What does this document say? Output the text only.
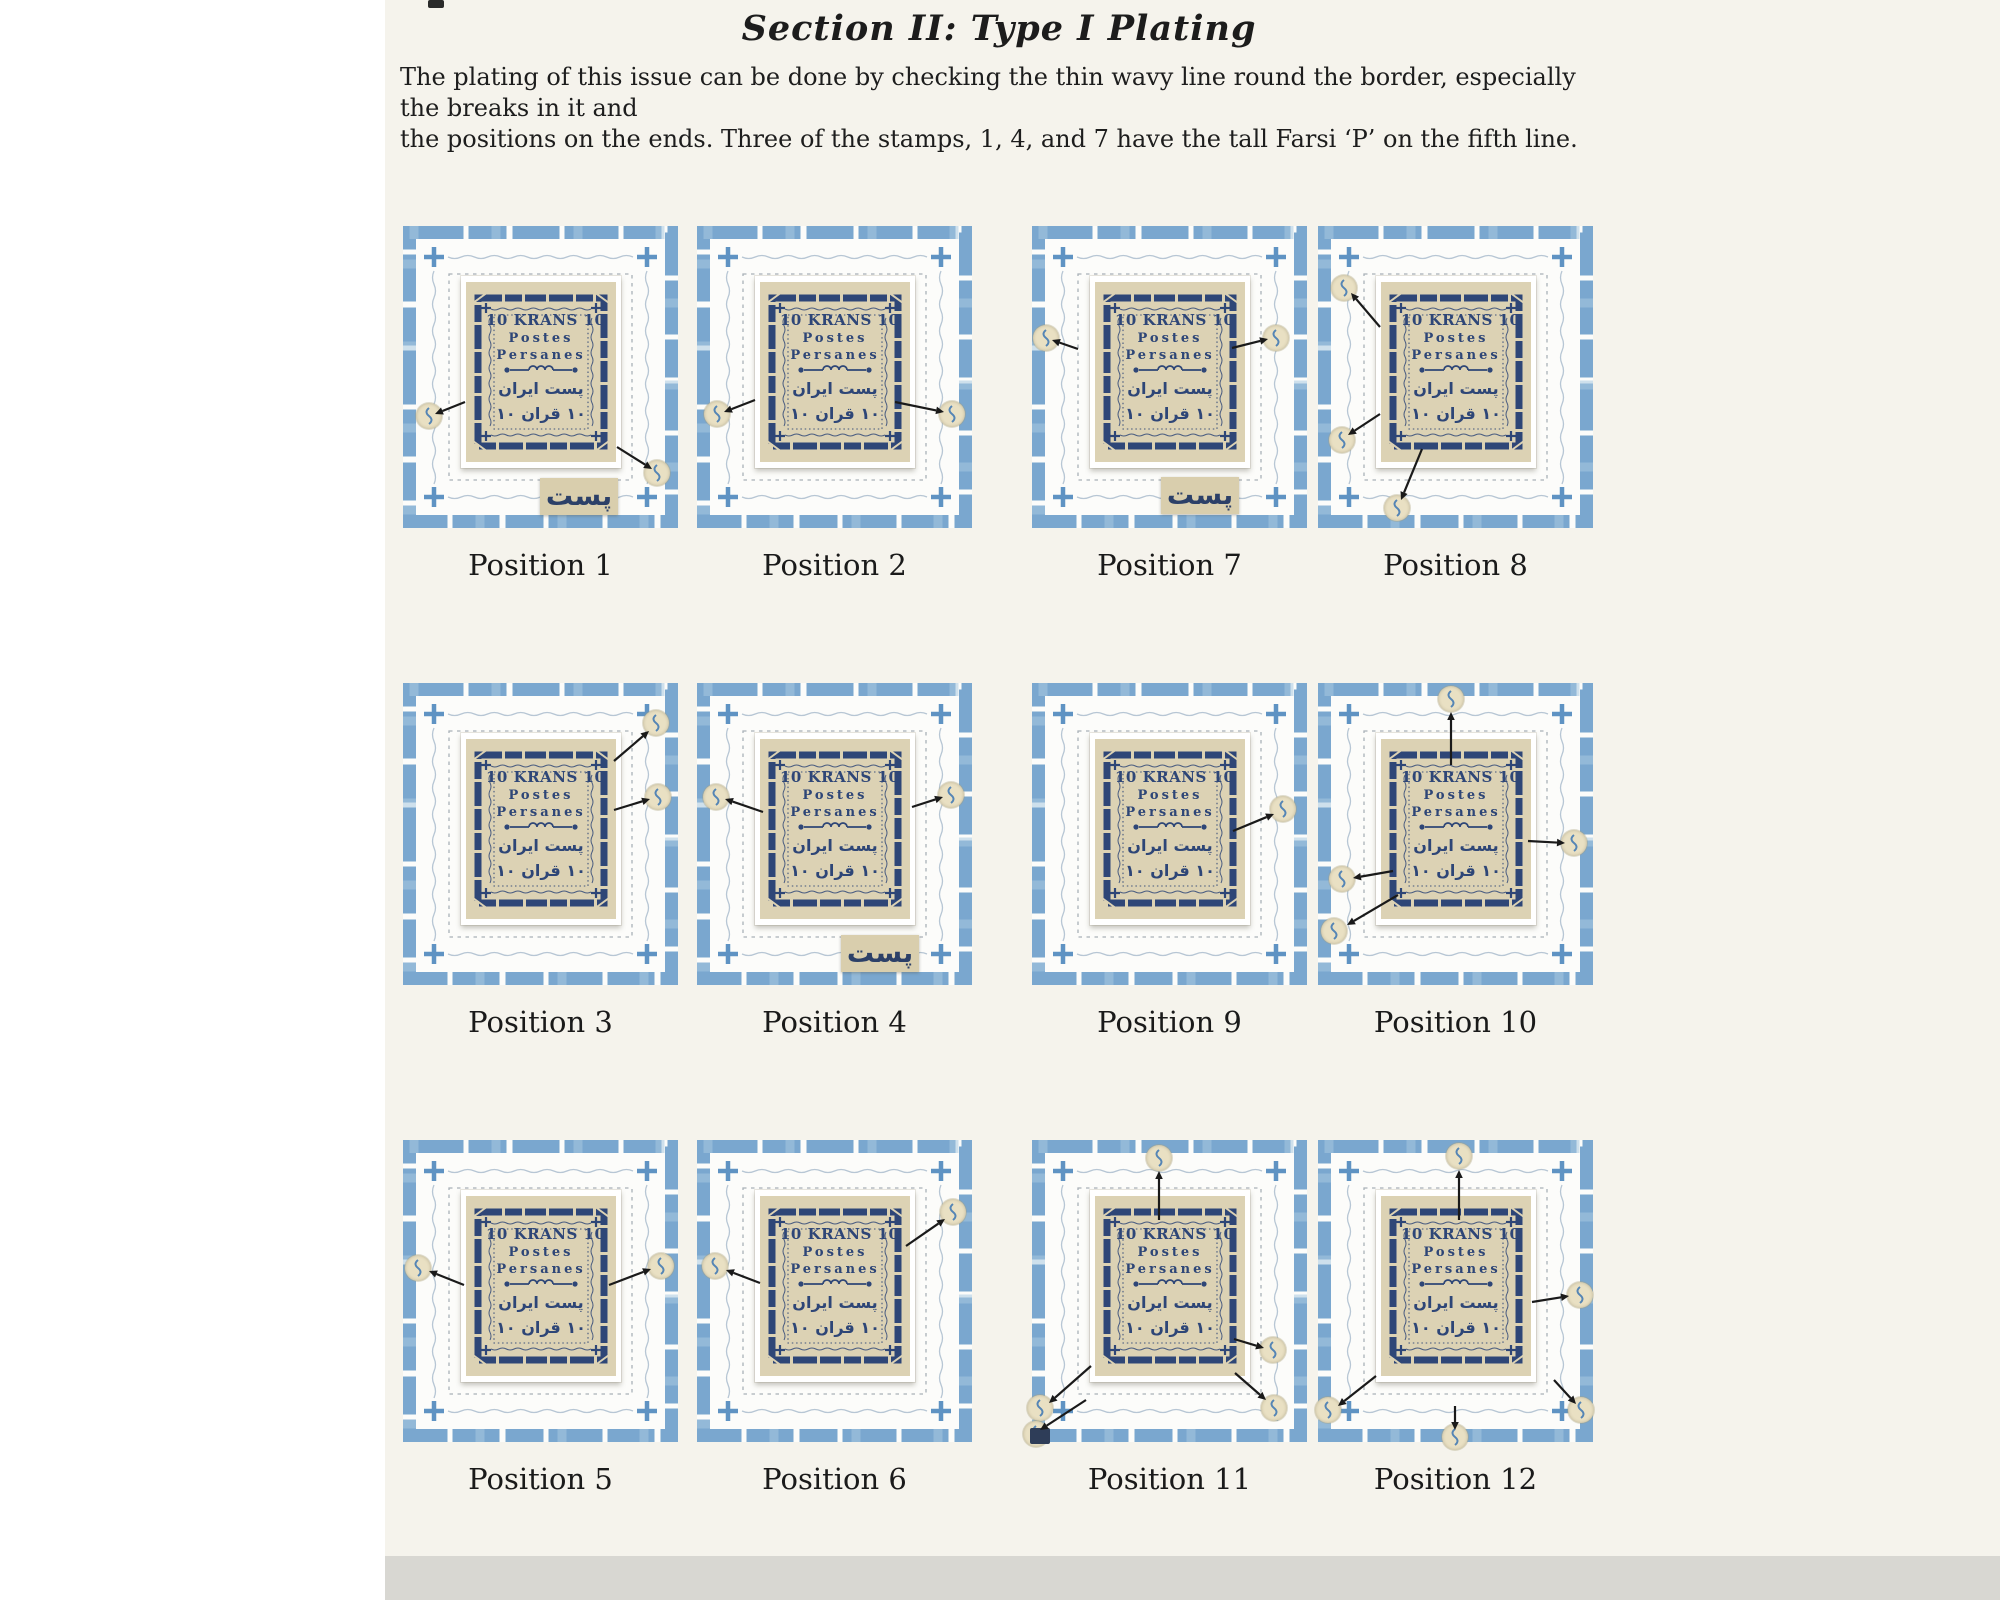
Section II: Type I Plating
The plating of this issue can be done by checking the thin wavy line round the border, especially the breaks in it and
the positions on the ends. Three of the stamps, 1, 4, and 7 have the tall Farsi ‘P’ on the fifth line.
10 KRANS 10
Postes
Persanes
پست ایران
۱۰ قران ۱۰
پست
Position 1
10 KRANS 10
Postes
Persanes
پست ایران
۱۰ قران ۱۰
Position 2
10 KRANS 10
Postes
Persanes
پست ایران
۱۰ قران ۱۰
پست
Position 7
10 KRANS 10
Postes
Persanes
پست ایران
۱۰ قران ۱۰
Position 8
10 KRANS 10
Postes
Persanes
پست ایران
۱۰ قران ۱۰
Position 3
10 KRANS 10
Postes
Persanes
پست ایران
۱۰ قران ۱۰
پست
Position 4
10 KRANS 10
Postes
Persanes
پست ایران
۱۰ قران ۱۰
Position 9
10 KRANS 10
Postes
Persanes
پست ایران
۱۰ قران ۱۰
Position 10
10 KRANS 10
Postes
Persanes
پست ایران
۱۰ قران ۱۰
Position 5
10 KRANS 10
Postes
Persanes
پست ایران
۱۰ قران ۱۰
Position 6
10 KRANS 10
Postes
Persanes
پست ایران
۱۰ قران ۱۰
Position 11
10 KRANS 10
Postes
Persanes
پست ایران
۱۰ قران ۱۰
Position 12
